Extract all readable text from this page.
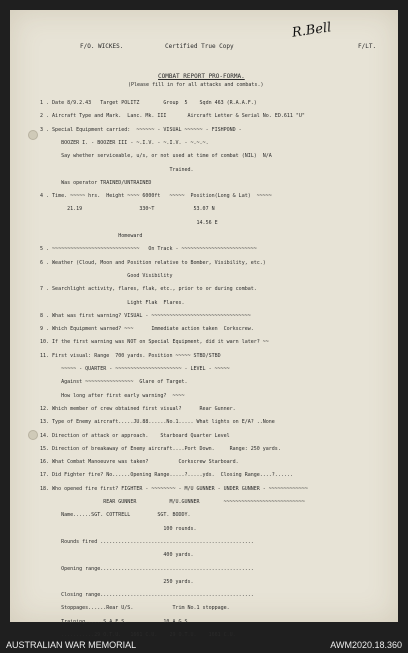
F/O. WICKES.	Certified True Copy
R.Bell
F/LT.
COMBAT REPORT PRO-FORMA.
(Please fill in for all attacks and combats.)
1 . Date 8/9.2.43   Target POLITZ        Group  5    Sqdn 463 (R.A.A.F.)
2 . Aircraft Type and Mark.  Lanc. Mk. III       Aircraft Letter & Serial No. ED.611 "U"
3 . Special Equipment carried:  ~~~~~~ - VISUAL ~~~~~~ - FISHPOND -
BOOZER I. - BOOZER III - ~.I.V. - ~.I.V. - ~.~.~.
Say whether serviceable, u/s, or not used at time of combat (NIL)  N/A
Trained.
Was operator TRAINED/UNTRAINED
4 . Time. ~~~~~ hrs.  Height ~~~~ 6000ft   ~~~~~  Position(Long & Lat)  ~~~~~
21.19                   330~T             53.07 N
14.56 E
Homeward
5 . ~~~~~~~~~~~~~~~~~~~~~~~~~~~~~   On Track - ~~~~~~~~~~~~~~~~~~~~~~~~~
6 . Weather (Cloud, Moon and Position relative to Bomber, Visibility, etc.)
Good Visibility
7 . Searchlight activity, flares, flak, etc., prior to or during combat.
Light Flak  Flares.
8 . What was first warning? VISUAL - ~~~~~~~~~~~~~~~~~~~~~~~~~~~~~~~~~
9 . Which Equipment warned? ~~~      Immediate action taken  Corkscrew.
10. If the first warning was NOT on Special Equipment, did it warn later? ~~
11. First visual: Range  700 yards. Position ~~~~~ STBD/STBD
~~~~~ - QUARTER - ~~~~~~~~~~~~~~~~~~~~~~ - LEVEL - ~~~~~
Against ~~~~~~~~~~~~~~~~  Glare of Target.
How long after first early warning?  ~~~~
12. Which member of crew obtained first visual?      Rear Gunner.
13. Type of Enemy aircraft.....JU.88......No.1..... What lights on E/A? ..None
14. Direction of attack or approach.    Starboard Quarter Level
15. Direction of breakaway of Enemy aircraft....Port Down.     Range: 250 yards.
16. What Combat Manoeuvre was taken?          Corkscrew Starboard.
17. Did Fighter fire? No......Opening Range.....?.....yds.  Closing Range....?......
18. Who opened fire first? FIGHTER - ~~~~~~~~ - M/U GUNNER - UNDER GUNNER - ~~~~~~~~~~~~~
REAR GUNNER           M/U.GUNNER        ~~~~~~~~~~~~~~~~~~~~~~~~~~~
Name......SGT. COTTRELL         SGT. BODDY.
100 rounds.
Rounds fired ...................................................
400 yards.
Opening range...................................................
250 yards.
Closing range...................................................
Stoppages......Rear U/S.             Trim No.1 stoppage.
Training......S.A.F.S.            10 A.G.S.
...........29 O.T.U.   1661 C.U.    29 O.T.U.    1661 C.U.
AUSTRALIAN WAR MEMORIAL	AWM2020.18.360
